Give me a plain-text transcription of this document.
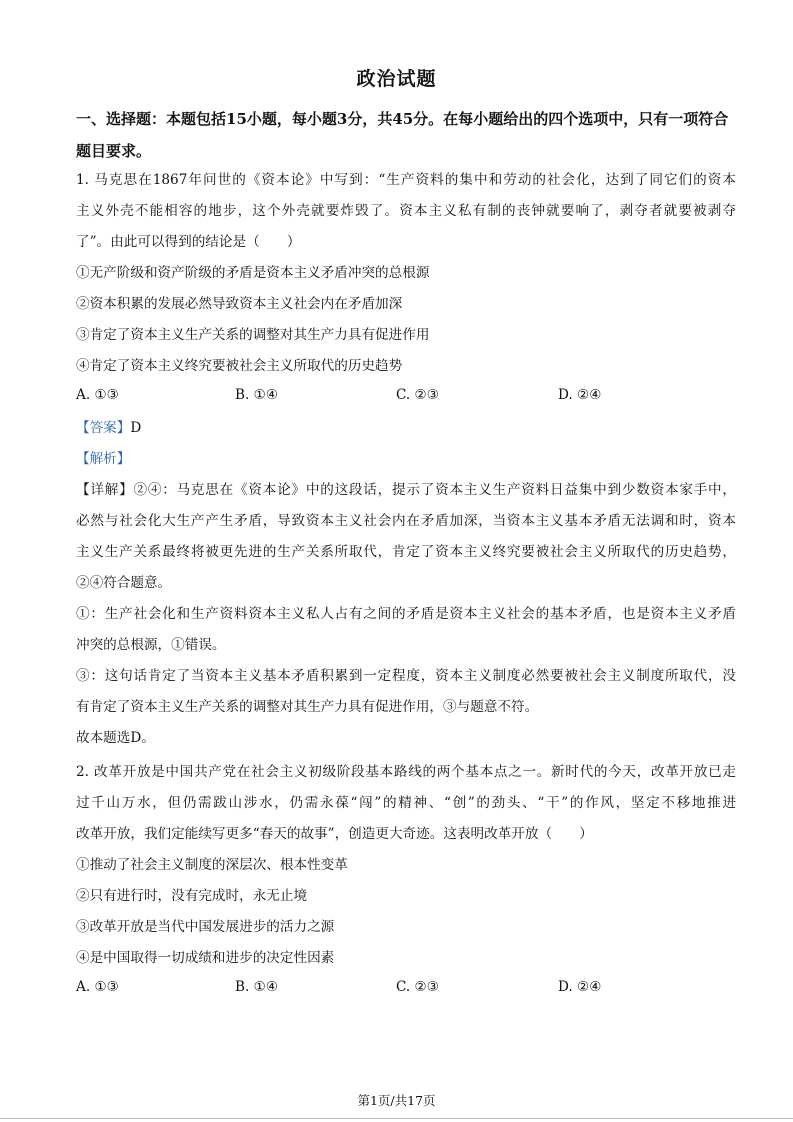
政治试题
一、选择题：本题包括15小题，每小题3分，共45分。在每小题给出的四个选项中，只有一项符合题目要求。
1. 马克思在1867年问世的《资本论》中写到：“生产资料的集中和劳动的社会化，达到了同它们的资本
主义外壳不能相容的地步，这个外壳就要炸毁了。资本主义私有制的丧钟就要响了，剥夺者就要被剥夺
了”。由此可以得到的结论是（　　）
①无产阶级和资产阶级的矛盾是资本主义矛盾冲突的总根源
②资本积累的发展必然导致资本主义社会内在矛盾加深
③肯定了资本主义生产关系的调整对其生产力具有促进作用
④肯定了资本主义终究要被社会主义所取代的历史趋势
A. ①③	B. ①④	C. ②③	D. ②④
【答案】D
【解析】
【详解】②④：马克思在《资本论》中的这段话，提示了资本主义生产资料日益集中到少数资本家手中，
必然与社会化大生产产生矛盾，导致资本主义社会内在矛盾加深，当资本主义基本矛盾无法调和时，资本
主义生产关系最终将被更先进的生产关系所取代，肯定了资本主义终究要被社会主义所取代的历史趋势，
②④符合题意。
①：生产社会化和生产资料资本主义私人占有之间的矛盾是资本主义社会的基本矛盾，也是资本主义矛盾
冲突的总根源，①错误。
③：这句话肯定了当资本主义基本矛盾积累到一定程度，资本主义制度必然要被社会主义制度所取代，没
有肯定了资本主义生产关系的调整对其生产力具有促进作用，③与题意不符。
故本题选D。
2. 改革开放是中国共产党在社会主义初级阶段基本路线的两个基本点之一。新时代的今天，改革开放已走
过千山万水，但仍需跋山涉水，仍需永葆“闯”的精神、“创”的劲头、“干”的作风，坚定不移地推进
改革开放，我们定能续写更多“春天的故事”，创造更大奇迹。这表明改革开放（　　）
①推动了社会主义制度的深层次、根本性变革
②只有进行时，没有完成时，永无止境
③改革开放是当代中国发展进步的活力之源
④是中国取得一切成绩和进步的决定性因素
A. ①③	B. ①④	C. ②③	D. ②④
第1页/共17页
